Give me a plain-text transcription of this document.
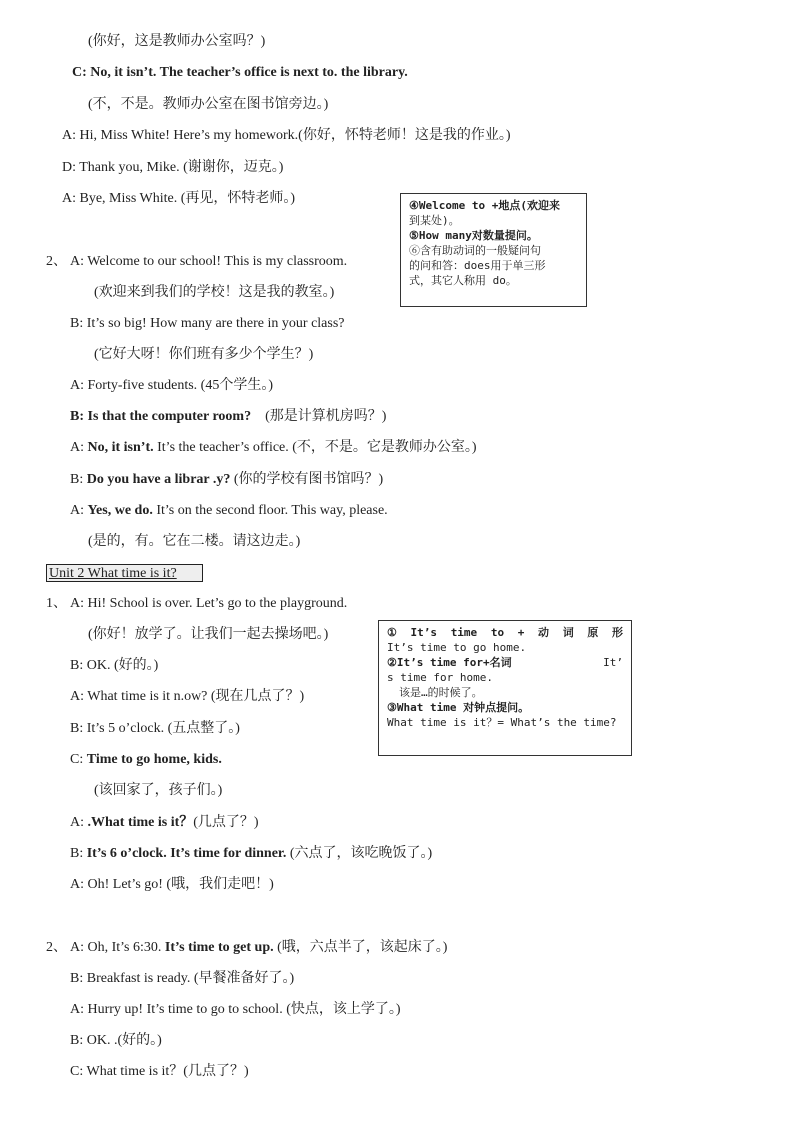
(你好，这是教师办公室吗？)
C: No, it isn’t. The teacher’s office is next to. the library.
(不，不是。教师办公室在图书馆旁边。)
A: Hi, Miss White! Here’s my homework.(你好，怀特老师！这是我的作业。)
D: Thank you, Mike. (谢谢你，迈克。)
A: Bye, Miss White. (再见，怀特老师。)	④Welcome to +地点(欢迎来
到某处)。
⑤How many对数量提问。
⑥含有助动词的一般疑问句
的问和答：does用于单三形
式，其它人称用 do。
2、 A: Welcome to our school! This is my classroom.
(欢迎来到我们的学校！这是我的教室。)
B: It’s so big! How many are there in your class?
(它好大呀！你们班有多少个学生？)
A: Forty-five students. (45个学生。)
B: Is that the computer room? (那是计算机房吗？)
A: No, it isn’t. It’s the teacher’s office. (不，不是。它是教师办公室。)
B: Do you have a librar .y? (你的学校有图书馆吗？)
A: Yes, we do. It’s on the second floor. This way, please.
(是的，有。它在二楼。请这边走。)
Unit 2 What time is it?
1、 A: Hi! School is over. Let’s go to the playground.
(你好！放学了。让我们一起去操场吧。)
B: OK. (好的。)
A: What time is it n.ow? (现在几点了？)
B: It’s 5 o’clock. (五点整了。)
C: Time to go home, kids.
(该回家了，孩子们。)
A: .What time is it？(几点了？)
B: It’s 6 o’clock. It’s time for dinner. (六点了，该吃晚饭了。)
A: Oh! Let’s go! (哦，我们走吧！)
① It’s time to + 动 词 原 形
It’s time to go home.
②It’s time for+名词	It’
s time for home.
该是…的时候了。
③What time 对钟点提问。
What time is it？= What’s the time?
2、 A: Oh, It’s 6:30. It’s time to get up. (哦，六点半了，该起床了。)
B: Breakfast is ready. (早餐准备好了。)
A: Hurry up! It’s time to go to school. (快点，该上学了。)
B: OK. .(好的。)
C: What time is it？(几点了？)
